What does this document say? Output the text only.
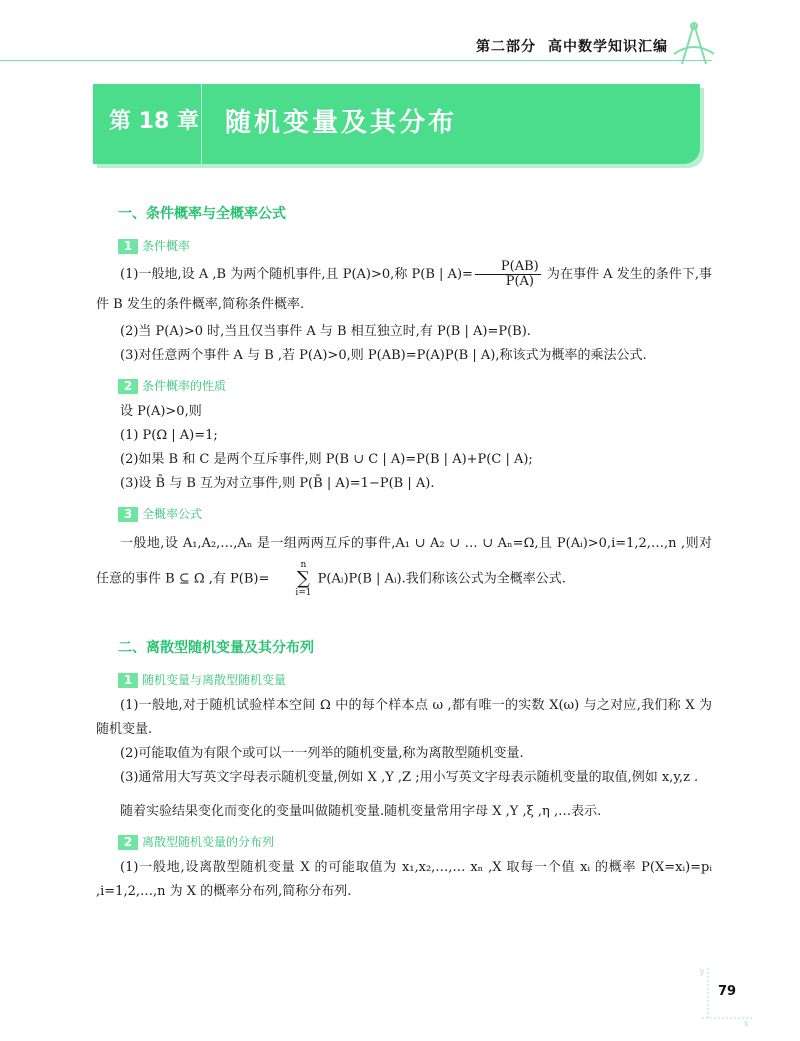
第二部分 高中数学知识汇编
第 18 章 随机变量及其分布
一、条件概率与全概率公式
1 条件概率

(1)一般地,设 A ,B 为两个随机事件,且 P(A)>0,称 P(B | $A)= \frac{P(AB)}{P(A)}$ 为在事件 A 发生的条件下,事件 B 发生的条件概率,简称条件概率.

(2)当 P(A)>0 时,当且仅当事件 A 与 B 相互独立时,有 P(B | A)=P(B).

(3)对任意两个事件 A 与 B ,若 P(A)>0,则 P(AB)=P(A)P(B | A),称该式为概率的乘法公式.

2 条件概率的性质

设 P(A)>0,则

(1) P(Ω | A)=1;

(2)如果 B 和 C 是两个互斥事件,则 P(B ∪ C | A)=P(B | A)+P(C | A);

(3)设 B̄ 与 B 互为对立事件,则 P(B̄ | A)=1−P(B | A).

3 全概率公式

一般地,设 A₁,A₂,…,Aₙ 是一组两两互斥的事件,A₁ ∪ A₂ ∪ … ∪ Aₙ=Ω,且 P(Aᵢ)>0,i=1,2,…,n ,则对任意的事件 B ⊆ Ω ,有 P(B)=
n
∑
i=1
P(Aᵢ)P(B | Aᵢ).我们称该公式为全概率公式.

二、离散型随机变量及其分布列
1 随机变量与离散型随机变量

(1)一般地,对于随机试验样本空间 Ω 中的每个样本点 ω ,都有唯一的实数 X(ω) 与之对应,我们称 X 为随机变量.

(2)可能取值为有限个或可以一一列举的随机变量,称为离散型随机变量.

(3)通常用大写英文字母表示随机变量,例如 X ,Y ,Z ;用小写英文字母表示随机变量的取值,例如 x,y,z .

随着实验结果变化而变化的变量叫做随机变量.随机变量常用字母 X ,Y ,ξ ,η ,…表示.

2 离散型随机变量的分布列

(1)一般地,设离散型随机变量 X 的可能取值为 x₁,x₂,…,… xₙ ,X 取每一个值 xᵢ 的概率 P(X=xᵢ)=pᵢ ,i=1,2,…,n 为 X 的概率分布列,简称分布列.

79
y
x
